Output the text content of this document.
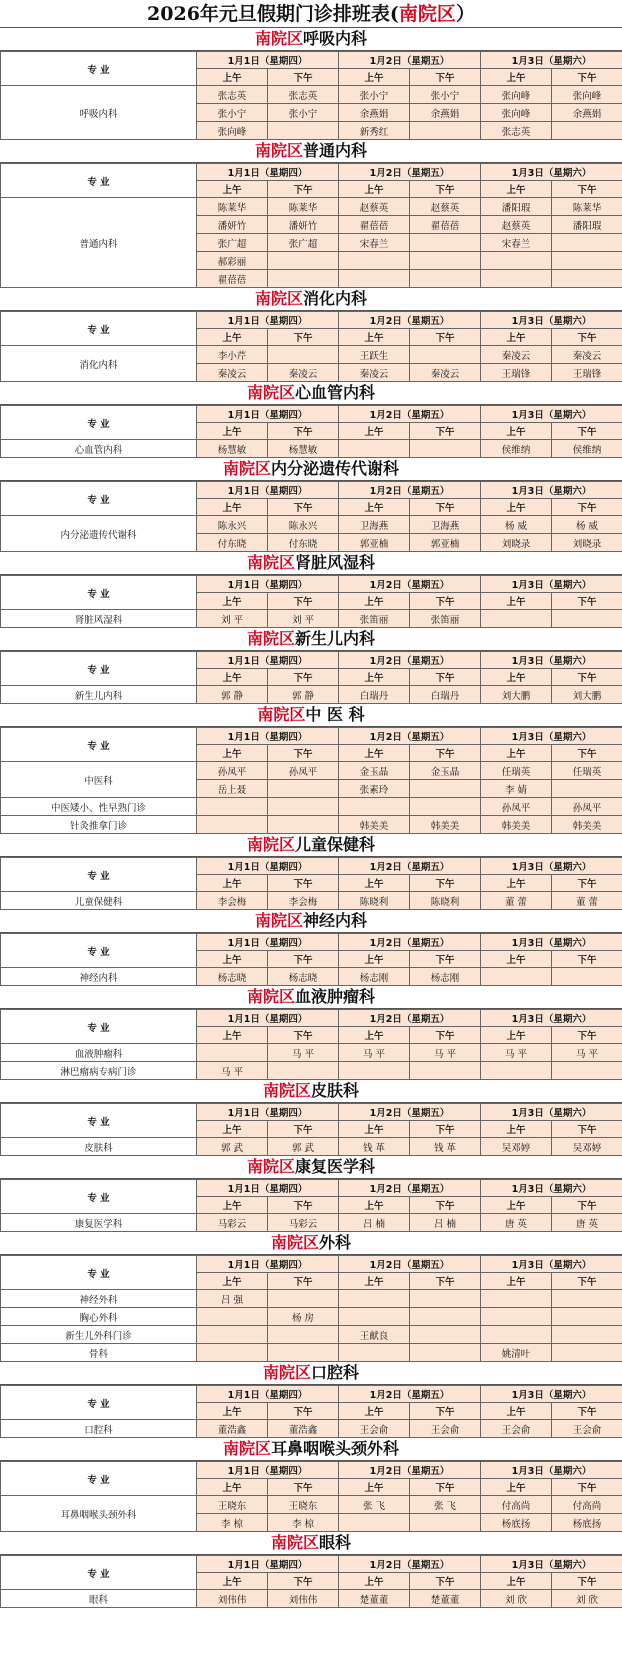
2026年元旦假期门诊排班表(南院区）
南院区呼吸内科
专 业	1月1日（星期四）		1月2日（星期五）		1月3日（星期六）	
	上午	下午	上午	下午	上午	下午
呼吸内科	张志英	张志英	张小宁	张小宁	张向峰	张向峰
	张小宁	张小宁	余燕娟	余燕娟	张向峰	余燕娟
	张向峰		新秀红		张志英	
南院区普通内科
专 业	1月1日（星期四）		1月2日（星期五）		1月3日（星期六）	
	上午	下午	上午	下午	上午	下午
普通内科	陈莱华	陈莱华	赵蔡英	赵蔡英	潘阳瑕	陈莱华
	潘妍竹	潘妍竹	翟蓓蓓	翟蓓蓓	赵蔡英	潘阳瑕
	张广超	张广超	宋春兰		宋春兰	
	郝彩丽					
	翟蓓蓓					
南院区消化内科
专 业	1月1日（星期四）		1月2日（星期五）		1月3日（星期六）	
	上午	下午	上午	下午	上午	下午
消化内科	李小芹		王跃生		秦凌云	秦凌云
	秦凌云	秦凌云	秦凌云	秦凌云	王瑞锋	王瑞锋
南院区心血管内科
专 业	1月1日（星期四）		1月2日（星期五）		1月3日（星期六）	
	上午	下午	上午	下午	上午	下午
心血管内科	杨慧敏	杨慧敏			侯维纳	侯维纳
南院区内分泌遗传代谢科
专 业	1月1日（星期四）		1月2日（星期五）		1月3日（星期六）	
	上午	下午	上午	下午	上午	下午
内分泌遗传代谢科	陈永兴	陈永兴	卫海燕	卫海燕	杨 威	杨 威
	付东晓	付东晓	郭亚楠	郭亚楠	刘晓录	刘晓录
南院区肾脏风湿科
专 业	1月1日（星期四）		1月2日（星期五）		1月3日（星期六）	
	上午	下午	上午	下午	上午	下午
肾脏风湿科	刘 平	刘 平	张笛丽	张笛丽		
南院区新生儿内科
专 业	1月1日（星期四）		1月2日（星期五）		1月3日（星期六）	
	上午	下午	上午	下午	上午	下午
新生儿内科	郭 静	郭 静	白瑞丹	白瑞丹	刘大鹏	刘大鹏
南院区中 医 科
专 业	1月1日（星期四）		1月2日（星期五）		1月3日（星期六）	
	上午	下午	上午	下午	上午	下午
中医科	孙凤平	孙凤平	金玉晶	金玉晶	任瑞英	任瑞英
	岳上聂		张素玲		李 婧	
中医矮小、性早熟门诊					孙凤平	孙凤平
针灸推拿门诊			韩美美	韩美美	韩美美	韩美美
南院区儿童保健科
专 业	1月1日（星期四）		1月2日（星期五）		1月3日（星期六）	
	上午	下午	上午	下午	上午	下午
儿童保健科	李会梅	李会梅	陈晓利	陈晓利	董 蕾	董 蕾
南院区神经内科
专 业	1月1日（星期四）		1月2日（星期五）		1月3日（星期六）	
	上午	下午	上午	下午	上午	下午
神经内科	杨志晓	杨志晓	杨志刚	杨志刚		
南院区血液肿瘤科
专 业	1月1日（星期四）		1月2日（星期五）		1月3日（星期六）	
	上午	下午	上午	下午	上午	下午
血液肿瘤科		马 平	马 平	马 平	马 平	马 平
淋巴瘤病专病门诊	马 平					
南院区皮肤科
专 业	1月1日（星期四）		1月2日（星期五）		1月3日（星期六）	
	上午	下午	上午	下午	上午	下午
皮肤科	郭 武	郭 武	钱 革	钱 革	吴邓婷	吴邓婷
南院区康复医学科
专 业	1月1日（星期四）		1月2日（星期五）		1月3日（星期六）	
	上午	下午	上午	下午	上午	下午
康复医学科	马彩云	马彩云	吕 楠	吕 楠	唐 英	唐 英
南院区外科
专 业	1月1日（星期四）		1月2日（星期五）		1月3日（星期六）	
	上午	下午	上午	下午	上午	下午
神经外科	吕 强					
胸心外科		杨 房				
新生儿外科门诊			王献良			
骨科					姚清叶	
南院区口腔科
专 业	1月1日（星期四）		1月2日（星期五）		1月3日（星期六）	
	上午	下午	上午	下午	上午	下午
口腔科	董浩鑫	董浩鑫	王会俞	王会俞	王会俞	王会俞
南院区耳鼻咽喉头颈外科
专 业	1月1日（星期四）		1月2日（星期五）		1月3日（星期六）	
	上午	下午	上午	下午	上午	下午
耳鼻咽喉头颈外科	王晓东	王晓东	张 飞	张 飞	付高尚	付高尚
	李 椋	李 椋			杨底扬	杨底扬
南院区眼科
专 业	1月1日（星期四）		1月2日（星期五）		1月3日（星期六）	
	上午	下午	上午	下午	上午	下午
眼科	刘伟伟	刘伟伟	楚董董	楚董董	刘 欣	刘 欣
